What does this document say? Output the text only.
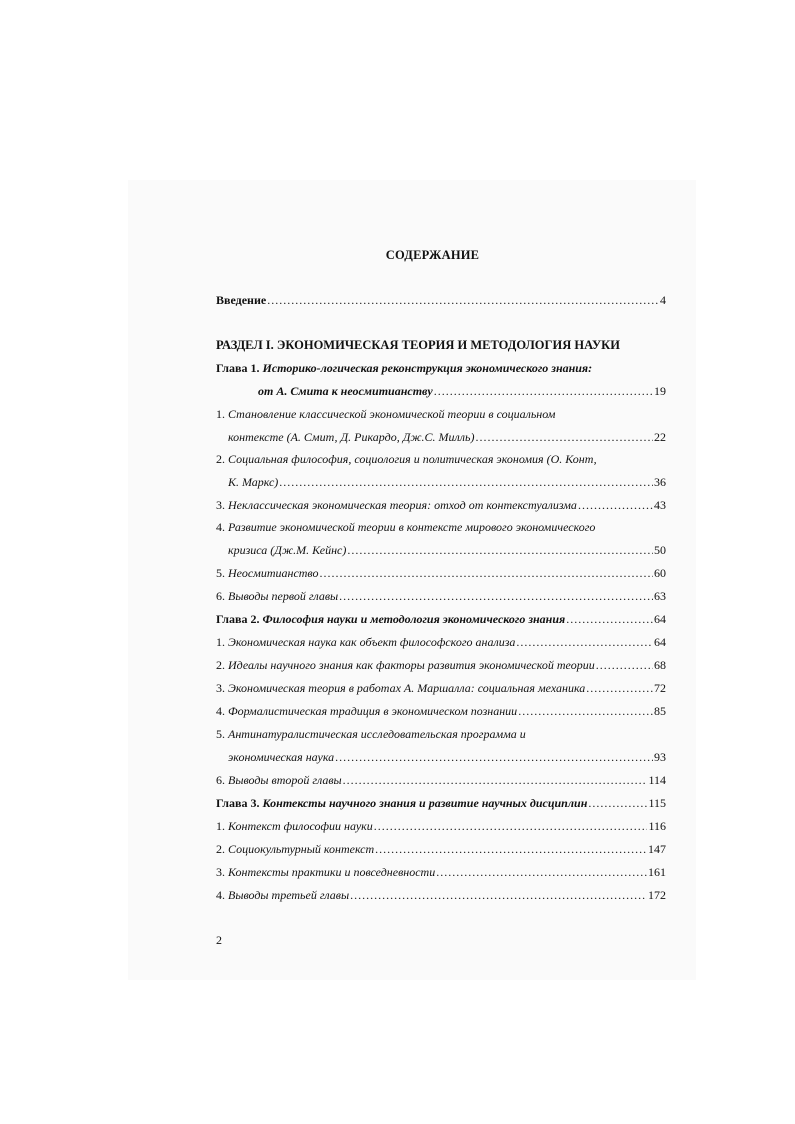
СОДЕРЖАНИЕ
Введение .....	4
РАЗДЕЛ I. ЭКОНОМИЧЕСКАЯ ТЕОРИЯ И МЕТОДОЛОГИЯ НАУКИ
Глава 1.
Историко-логическая реконструкция экономического знания:
от А. Смита к неосмитианству .....	19
1.
Становление классической экономической теории в социальном
контексте (А. Смит, Д. Рикардо, Дж.С. Милль) .....	22
2.
Социальная философия, социология и политическая экономия (О. Конт,
К. Маркс) .....	36
3.
Неклассическая экономическая теория: отход от контекстуализма .....	43
4.
Развитие экономической теории в контексте мирового экономического
кризиса (Дж.М. Кейнс) .....	50
5.
Неосмитианство .....	60
6.
Выводы первой главы .....	63
Глава 2.
Философия науки и методология экономического знания .....	64
1.
Экономическая наука как объект философского анализа .....	64
2.
Идеалы научного знания как факторы развития экономической теории .....	68
3.
Экономическая теория в работах А. Маршалла: социальная механика .....	72
4.
Формалистическая традиция в экономическом познании .....	85
5.
Антинатуралистическая исследовательская программа и
экономическая наука .....	93
6.
Выводы второй главы .....	114
Глава 3.
Контексты научного знания и развитие научных дисциплин .....	115
1.
Контекст философии науки .....	116
2.
Социокультурный контекст .....	147
3.
Контексты практики и повседневности .....	161
4.
Выводы третьей главы .....	172
2
